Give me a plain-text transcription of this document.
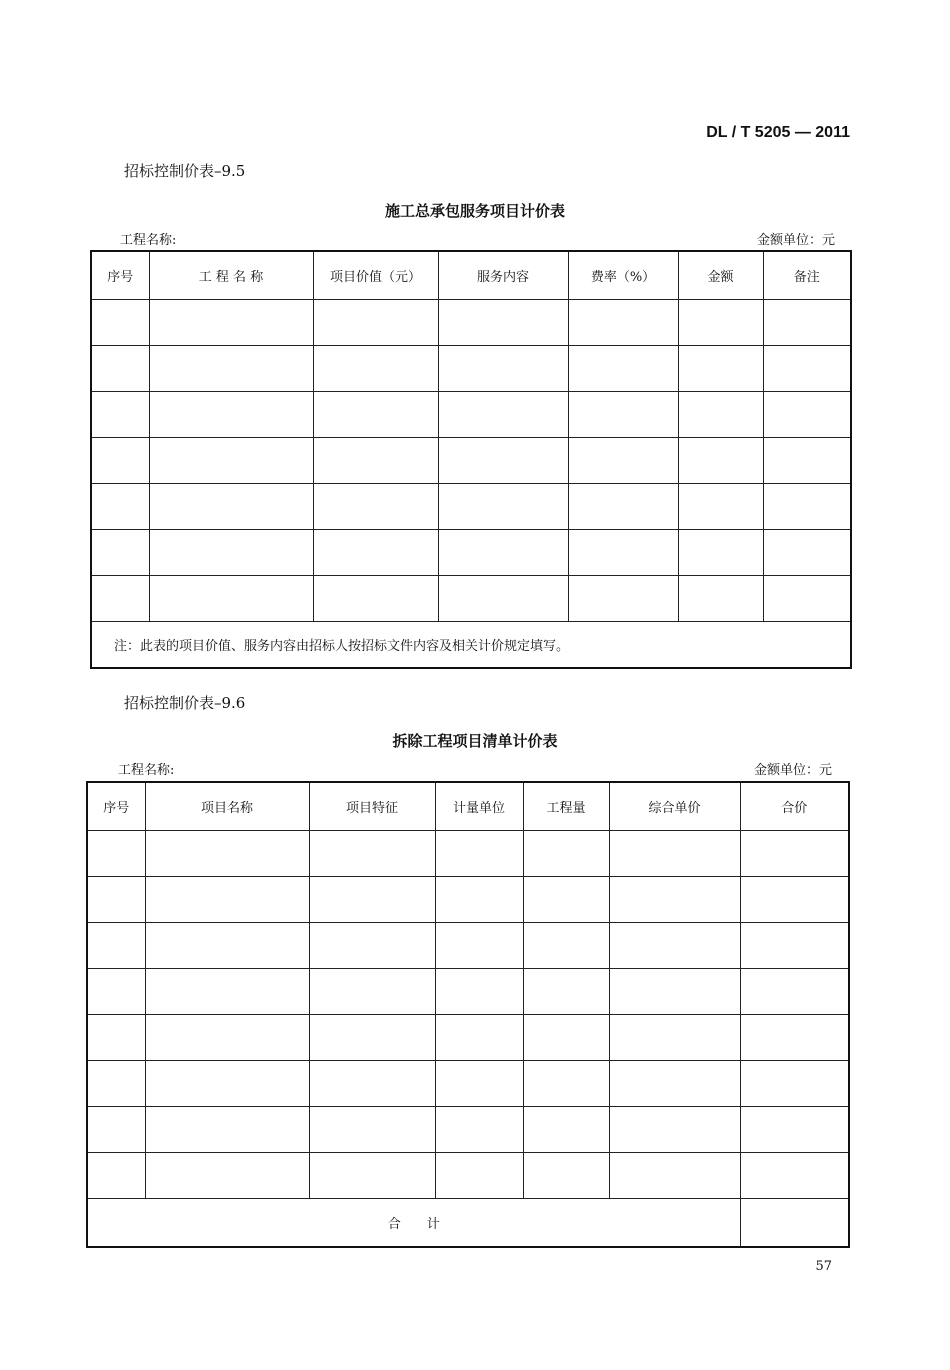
DL / T 5205 — 2011
招标控制价表–9.5
施工总承包服务项目计价表
工程名称:	金额单位：元
序号	工 程 名 称	项目价值（元）	服务内容	费率（%）	金额	备注

注：此表的项目价值、服务内容由招标人按招标文件内容及相关计价规定填写。						
招标控制价表–9.6
拆除工程项目清单计价表
工程名称:	金额单位：元
序号	项目名称	项目特征	计量单位	工程量	综合单价	合价

合　　计						
57
